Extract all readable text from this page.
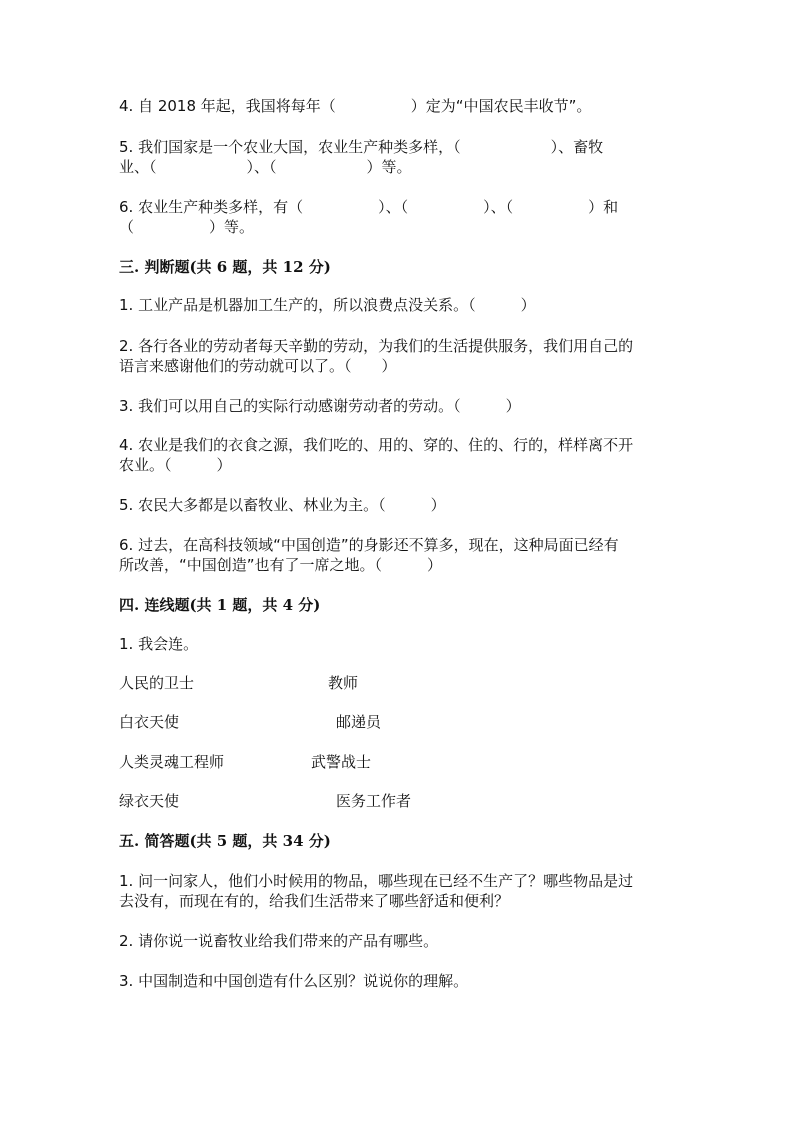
4. 自 2018 年起，我国将每年（　　　　　）定为“中国农民丰收节”。
5. 我们国家是一个农业大国，农业生产种类多样，（　　　　　　）、畜牧
业、（　　　　　　）、（　　　　　　）等。
6. 农业生产种类多样，有（　　　　　）、（　　　　　）、（　　　　　）和
（　　　　　）等。
三. 判断题(共 6 题，共 12 分)
1. 工业产品是机器加工生产的，所以浪费点没关系。（　　　）
2. 各行各业的劳动者每天辛勤的劳动，为我们的生活提供服务，我们用自己的
语言来感谢他们的劳动就可以了。（　　）
3. 我们可以用自己的实际行动感谢劳动者的劳动。（　　　）
4. 农业是我们的衣食之源，我们吃的、用的、穿的、住的、行的，样样离不开
农业。（　　　）
5. 农民大多都是以畜牧业、林业为主。（　　　）
6. 过去，在高科技领域“中国创造”的身影还不算多，现在，这种局面已经有
所改善，“中国创造”也有了一席之地。（　　　）
四. 连线题(共 1 题，共 4 分)
1. 我会连。
人民的卫士	教师
白衣天使	邮递员
人类灵魂工程师	武警战士
绿衣天使	医务工作者
五. 简答题(共 5 题，共 34 分)
1. 问一问家人，他们小时候用的物品，哪些现在已经不生产了？哪些物品是过
去没有，而现在有的，给我们生活带来了哪些舒适和便利？
2. 请你说一说畜牧业给我们带来的产品有哪些。
3. 中国制造和中国创造有什么区别？说说你的理解。
